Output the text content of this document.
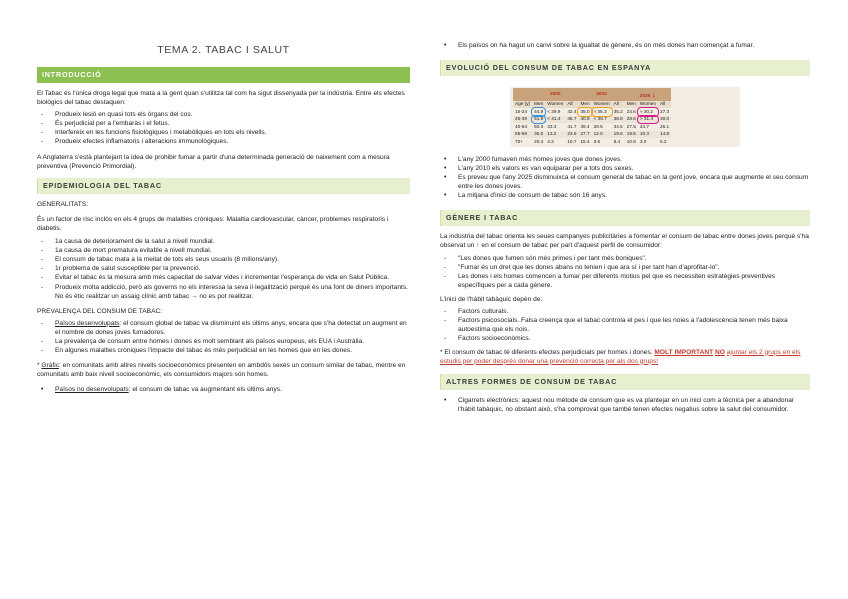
TEMA 2. TABAC I SALUT
INTRODUCCIÓ

El Tabac és l'única droga legal que mata a la gent quan s'utilitza tal com ha sigut dissenyada per la indústria. Entre els efectes biològics del tabac destaquen:

- Produeix lesió en quasi tots els òrgans del cos.
- És perjudicial per a l'embaràs i el fetus.
- Interfereix en les funcions fisiològiques i metabòliques en tots els nivells.
- Produeix efectes inflamatoris i alteracions immunològiques.

A Anglaterra s'està plantejant la idea de prohibir fumar a partir d'una determinada generació de naixement com a mesura preventiva (Prevenció Primordial).

EPIDEMIOLOGIA DEL TABAC

GENERALITATS:

És un factor de risc inclòs en els 4 grups de malalties cròniques: Malaltia cardiovascular, càncer, problemes respiratoris i diabetis.

- 1a causa de deteriorament de la salut a nivell mundial.
- 1a causa de mort prematura evitable a nivell mundial.
- El consum de tabac mata a la meitat de tots els seus usuaris (8 milions/any).
- 1r problema de salut susceptible per la prevenció.
- Evitar el tabac és la mesura amb més capacitat de salvar vides i incrementar l'esperança de vida en Salut Pública.
- Produeix molta addicció, però als governs no els interessa la seva il·legalització perquè és una font de diners importants. No és ètic realitzar un assaig clínic amb tabac → no es pot realitzar.

PREVALENÇA DEL CONSUM DE TABAC:

- Països desenvolupats: el consum global de tabac va disminuint els últims anys, encara que s'ha detectat un augment en el nombre de dones joves fumadores.
- La prevalença de consum entre homes i dones és molt semblant als països europeus, els EUA i Austràlia.
- En algunes malalties cròniques l'impacte del tabac és més perjudicial en les homes que en les dones.

* Gràfic: en comunitats amb altres nivells socioeconòmics presenten en ambdós sexes un consum similar de tabac, mentre en comunitats amb baix nivell socioeconòmic, els consumidors majors són homes.

• Països no desenvolupats: el consum de tabac va augmentant els últims anys.
• Els països on ha hagut un canvi sobre la igualtat de gènere, és on més dones han començat a fumar.
EVOLUCIÓ DEL CONSUM DE TABAC EN ESPANYA
	2000			2010			2025 ↓		
Age (y)	Men	Women	All	Men	Women	All	Men	Women	All
15-24	44.9	< 39.9	42.4	35.0	≈ 35.3	35.2	24.6	≈ 30.2	27.3
25-39	51.9	< 41.4	46.7	40.8	< 36.7	38.8	28.6	> 31.4	30.0
40-54	50.3	33.3	41.7	39.4	29.5	34.5	27.5	24.7	26.1
55-69	35.0	13.2	23.6	27.7	12.0	19.6	19.5	10.3	14.8
70+	20.4	4.3	10.7	15.4	3.6	8.4	10.8	3.0	6.2
• L'any 2000 fumaven més homes joves que dones joves.
• L'any 2010 els valors es van equiparar per a tots dos sexes.
• Es preveu que l'any 2025 disminuixca el consum general de tabac en la gent jove, encara que augmente el seu consum entre les dones joves.
• La mitjana d'inici de consum de tabac són 16 anys.
GÈNERE I TABAC

La indústria del tabac orienta les seues campanyes publicitàries a fomentar el consum de tabac entre dones joves perquè s'ha observat un ↑ en el consum de tabac per part d'aquest perfil de consumidor:

- "Les dones que fumen són més primes i per tant més boniques".
- "Fumar és un dret que les dones abans no tenien i que ara sí i per tant han d'aprofitar-lo".
- Les dones i els homes comencen a fumar per diferents motius pel que es necessiten estratègies preventives específiques per a cada gènere.

L'inici de l'hàbit tabàquic depèn de:

- Factors culturals.
- Factors psicosocials. Falsa creença que el tabac controla el pes i que les noies a l'adolescència tenen més baixa autoestima que els nois.
- Factors socioeconòmics.

* El consum de tabac té diferents efectes perjudicials per homes i dones. MOLT IMPORTANT NO ajuntar els 2 grups en els estudis per poder després donar una prevenció correcta per als dos grups!

ALTRES FORMES DE CONSUM DE TABAC
• Cigarrets electrònics: aquest nou mètode de consum que es va plantejar en un inici com a tècnica per a abandonar l'hàbit tabàquic, no obstant això, s'ha comprovat que també tenen efectes negatius sobre la salut del consumidor.
